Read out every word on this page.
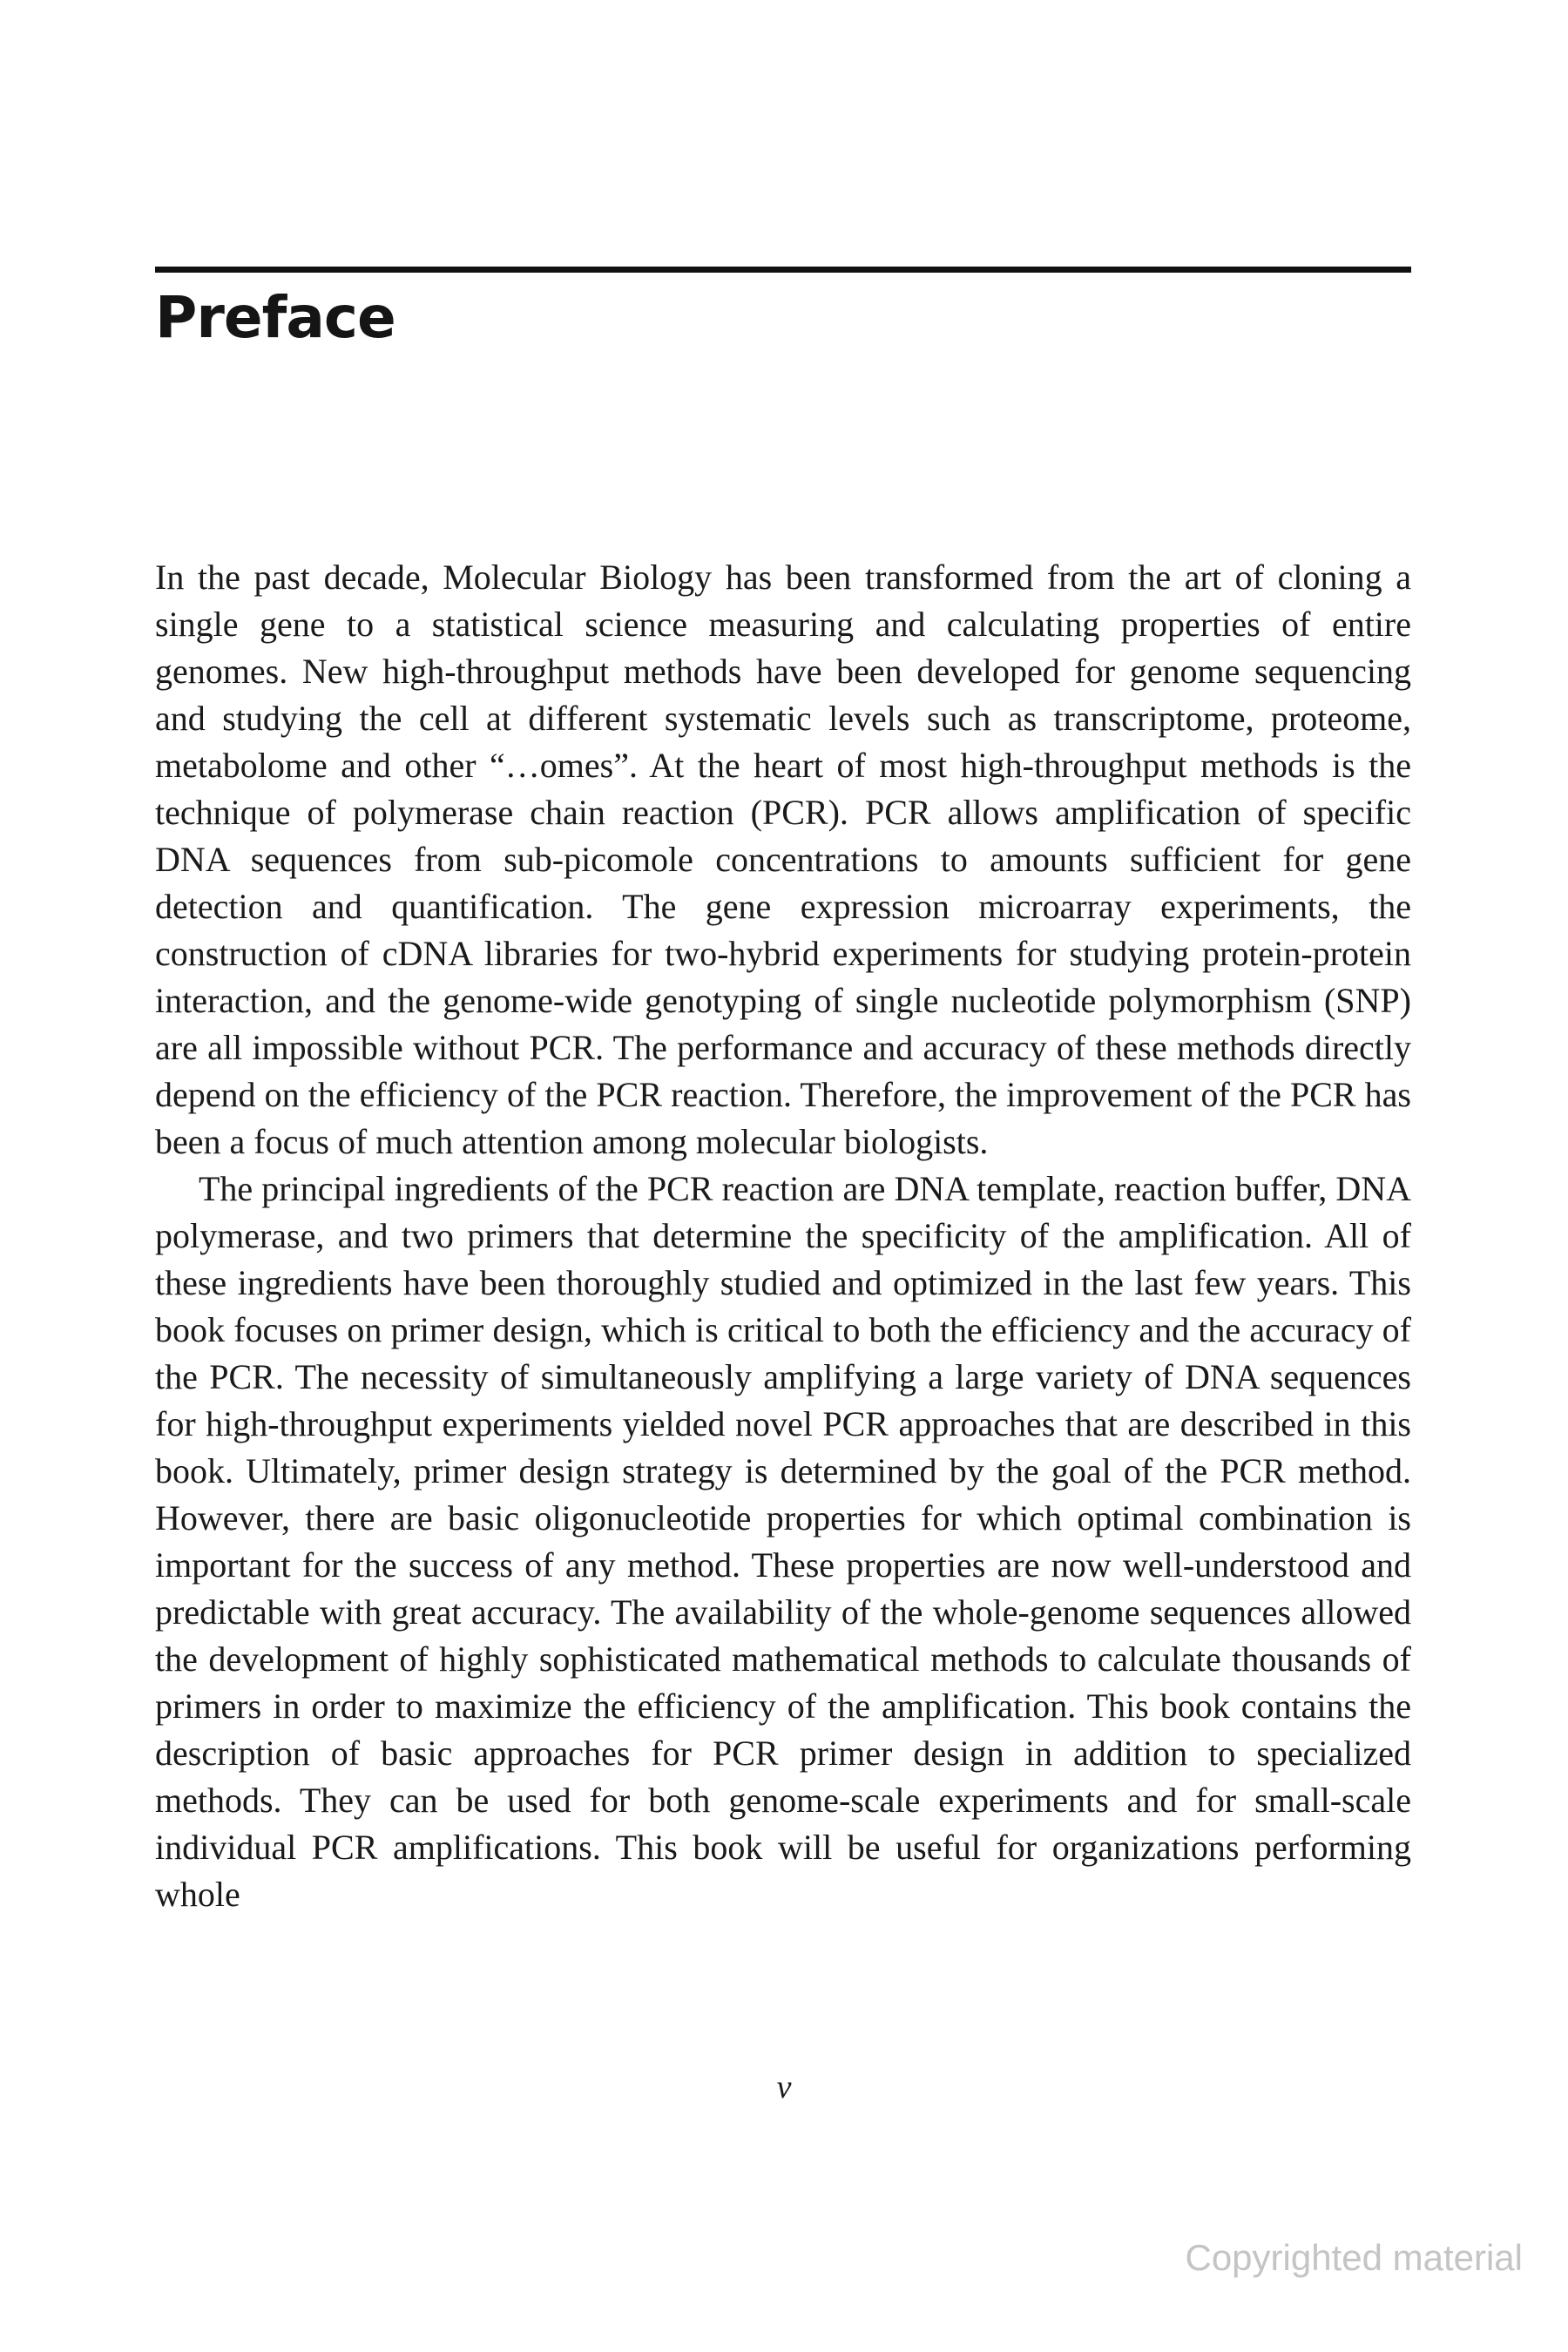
Preface

In the past decade, Molecular Biology has been transformed from the art of cloning a single gene to a statistical science measuring and calculating properties of entire genomes. New high-throughput methods have been developed for genome sequencing and studying the cell at different systematic levels such as transcriptome, proteome, metabolome and other “…omes”. At the heart of most high-throughput methods is the technique of polymerase chain reaction (PCR). PCR allows amplification of specific DNA sequences from sub-picomole concentrations to amounts sufficient for gene detection and quantification. The gene expression microarray experiments, the construction of cDNA libraries for two-hybrid experiments for studying protein-protein interaction, and the genome-wide genotyping of single nucleotide polymorphism (SNP) are all impossible without PCR. The performance and accuracy of these methods directly depend on the efficiency of the PCR reaction. Therefore, the improvement of the PCR has been a focus of much attention among molecular biologists.

The principal ingredients of the PCR reaction are DNA template, reaction buffer, DNA polymerase, and two primers that determine the specificity of the amplification. All of these ingredients have been thoroughly studied and optimized in the last few years. This book focuses on primer design, which is critical to both the efficiency and the accuracy of the PCR. The necessity of simultaneously amplifying a large variety of DNA sequences for high-throughput experiments yielded novel PCR approaches that are described in this book. Ultimately, primer design strategy is determined by the goal of the PCR method. However, there are basic oligonucleotide properties for which optimal combination is important for the success of any method. These properties are now well-understood and predictable with great accuracy. The availability of the whole-genome sequences allowed the development of highly sophisticated mathematical methods to calculate thousands of primers in order to maximize the efficiency of the amplification. This book contains the description of basic approaches for PCR primer design in addition to specialized methods. They can be used for both genome-scale experiments and for small-scale individual PCR amplifications. This book will be useful for organizations performing whole

v
Copyrighted material
